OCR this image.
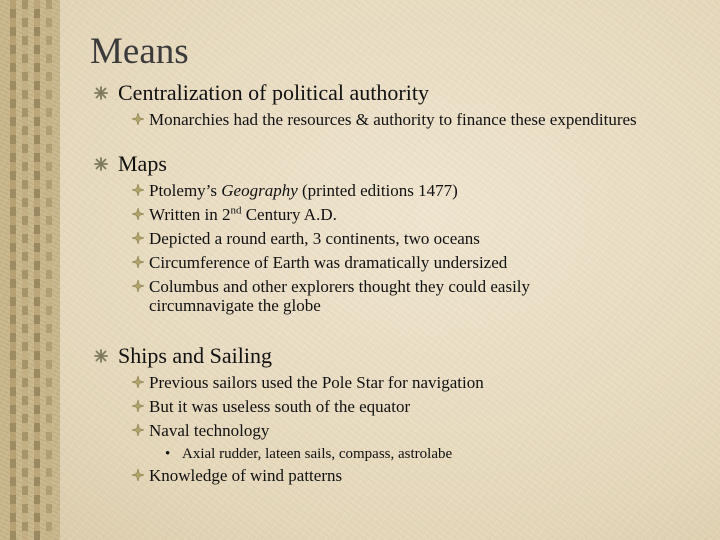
Means
Centralization of political authority
Monarchies had the resources & authority to finance these expenditures
Maps
Ptolemy’s Geography (printed editions 1477)
Written in 2nd Century A.D.
Depicted a round earth, 3 continents, two oceans
Circumference of Earth was dramatically undersized
Columbus and other explorers thought they could easily circumnavigate the globe
Ships and Sailing
Previous sailors used the Pole Star for navigation
But it was useless south of the equator
Naval technology
• Axial rudder, lateen sails, compass, astrolabe
Knowledge of wind patterns
